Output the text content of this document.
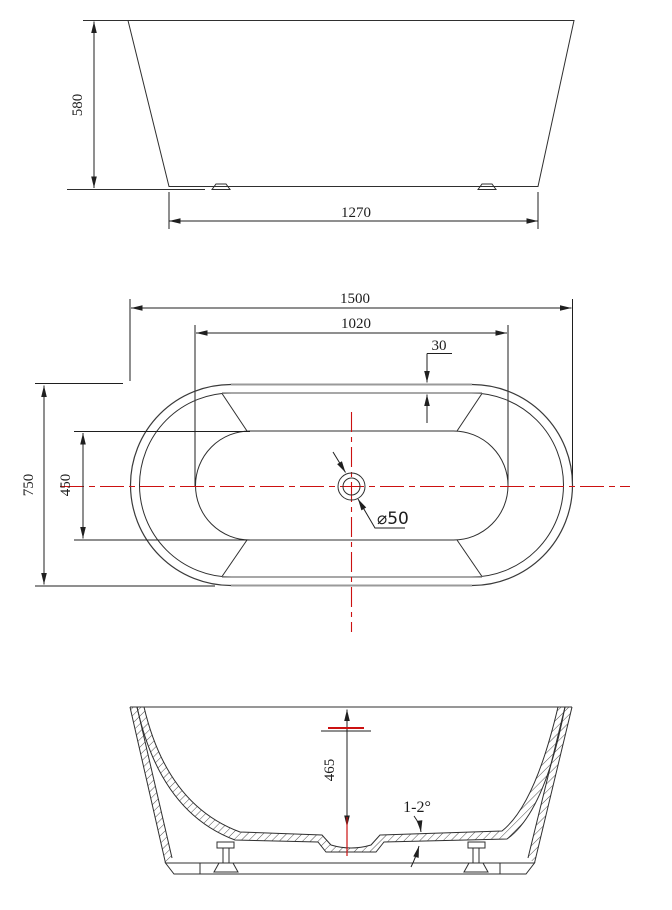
580
1270
1500
1020
30
⌀50
750 450
465
1-2°
